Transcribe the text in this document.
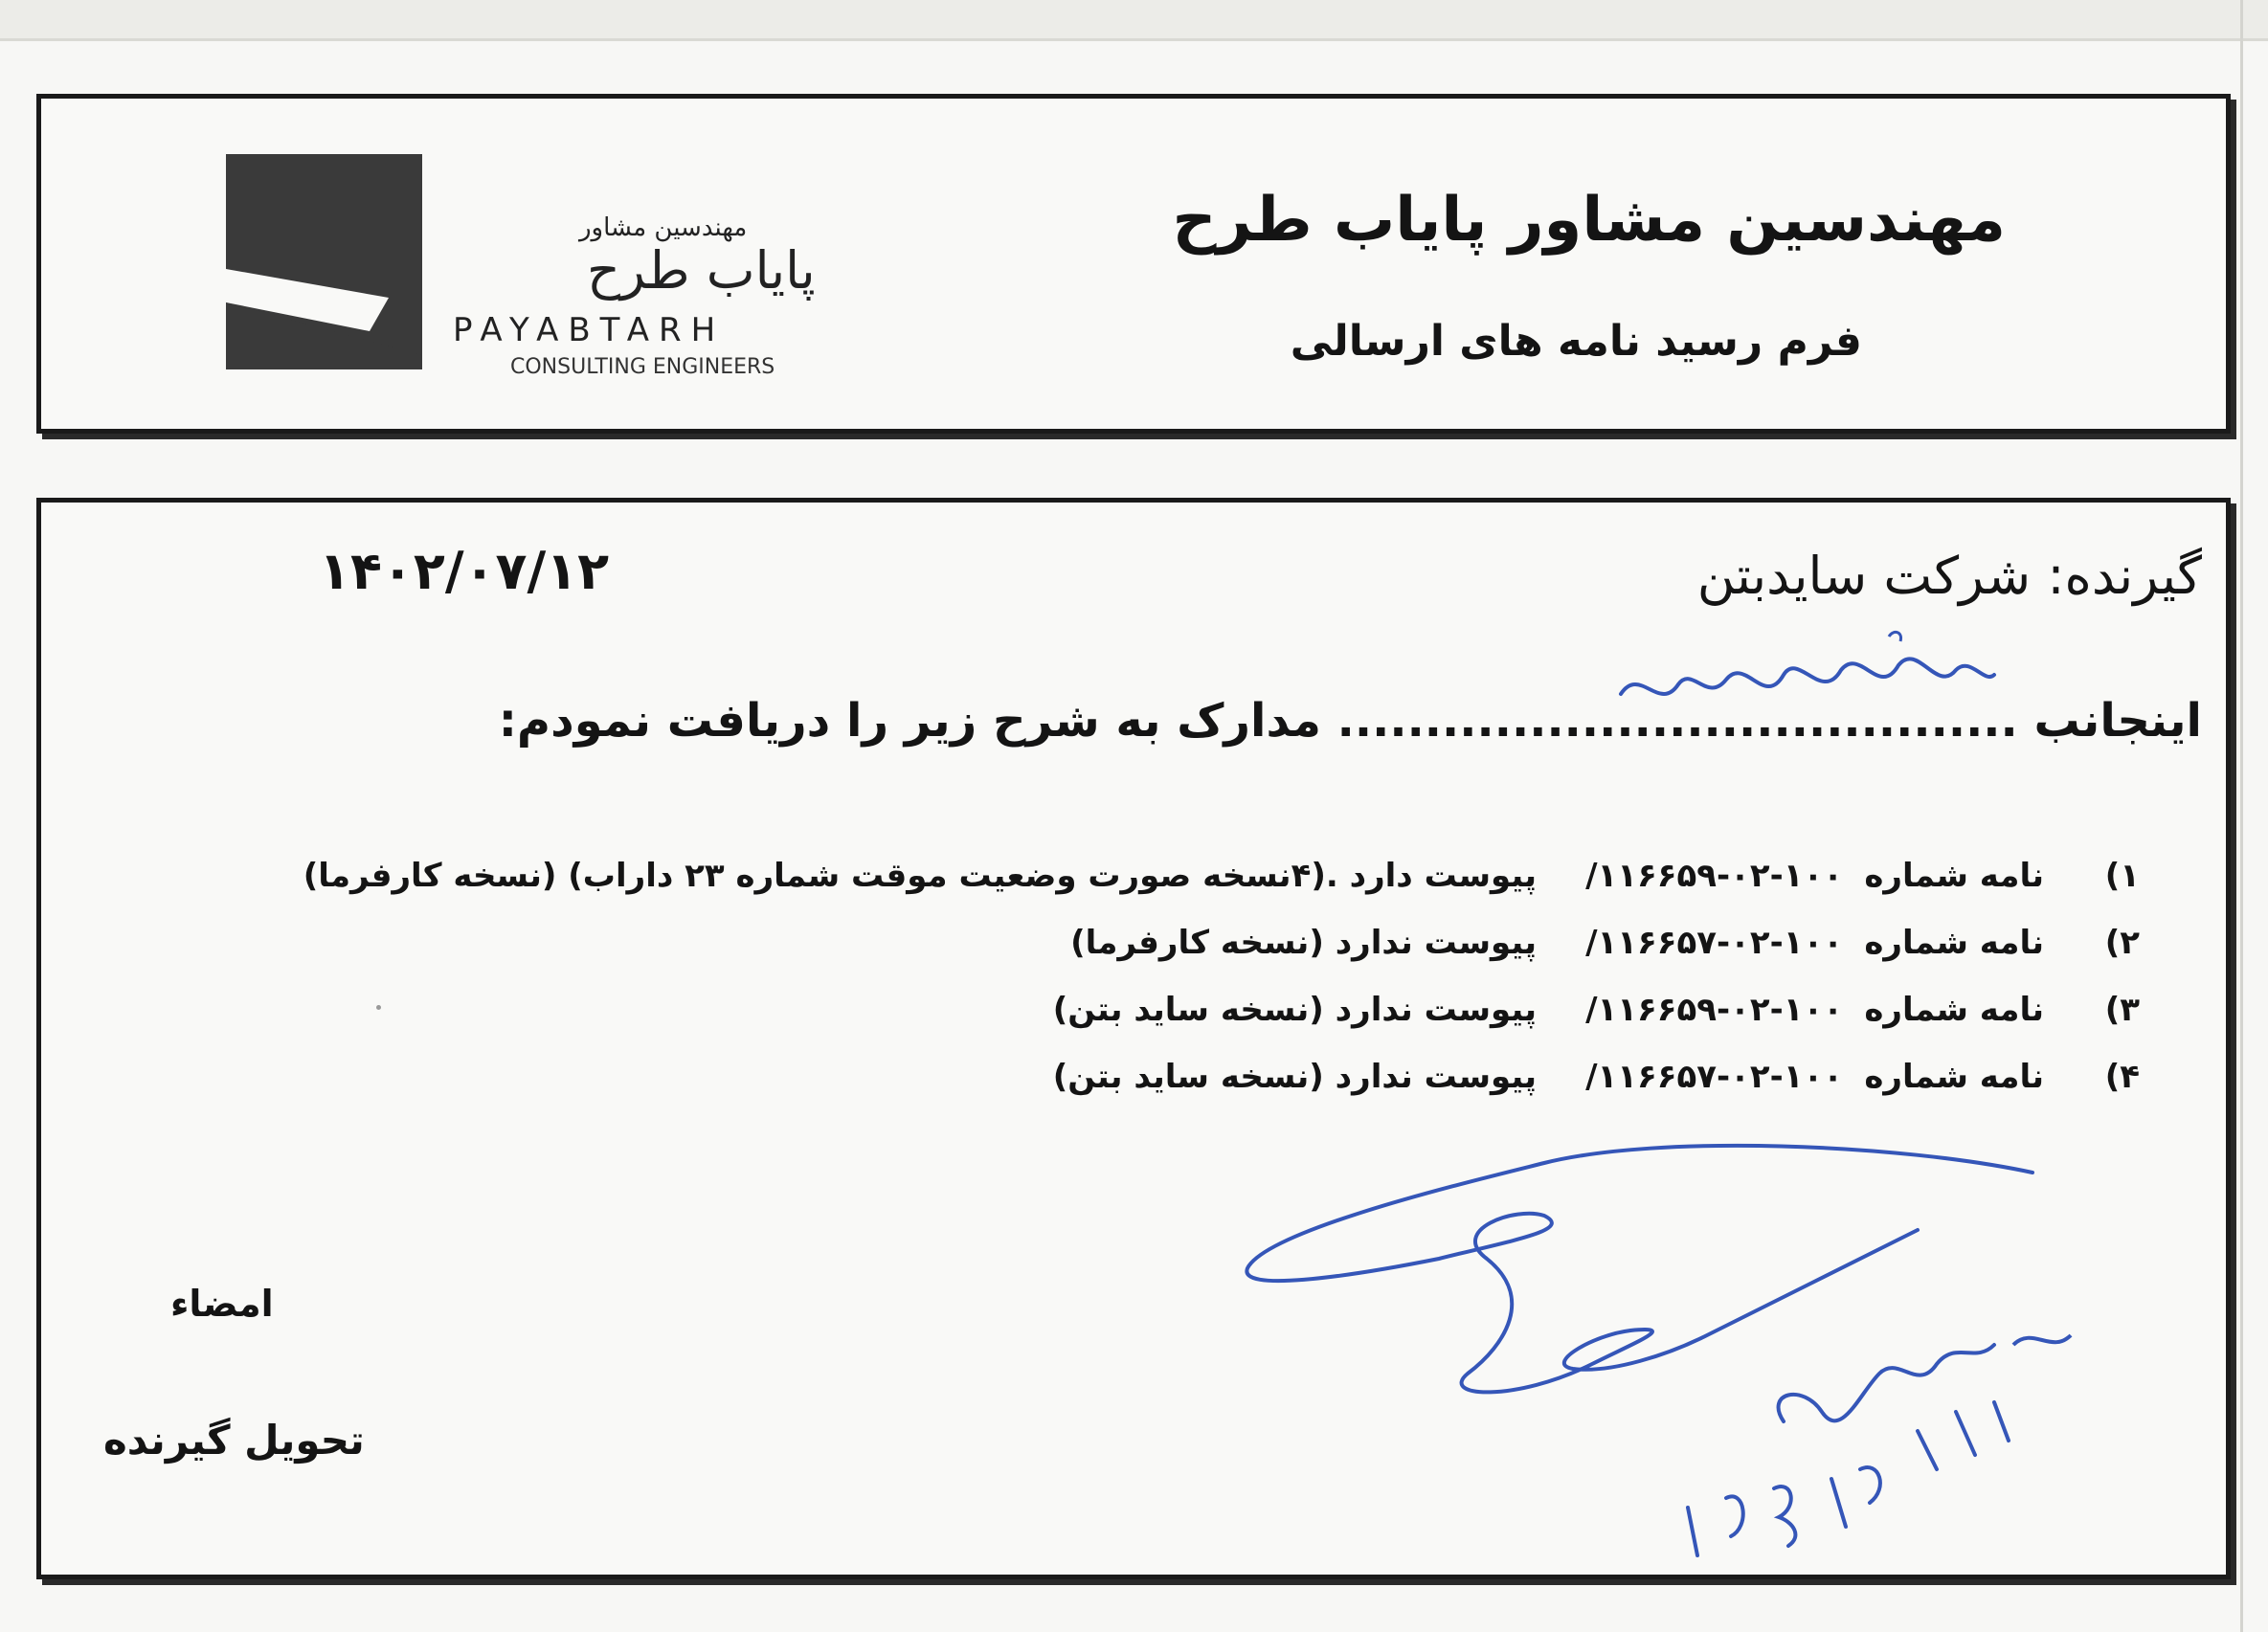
مهندسین مشاور
پایاب طرح
PAYABTARH
CONSULTING ENGINEERS
مهندسین مشاور پایاب طرح
فرم رسید نامه های ارسالی
۱۴۰۲/۰۷/۱۲	گیرنده: شرکت سایدبتن
اینجانب ....................................... مدارک به شرح زیر را دریافت نمودم:
۱)
نامه شماره
۱۱۶۶۵۹-۰۲-۱۰۰/
پیوست دارد .(۴نسخه صورت وضعیت موقت شماره ۲۳ داراب) (نسخه کارفرما)
۲)
نامه شماره
۱۱۶۶۵۷-۰۲-۱۰۰/
پیوست ندارد (نسخه کارفرما)
۳)
نامه شماره
۱۱۶۶۵۹-۰۲-۱۰۰/
پیوست ندارد (نسخه ساید بتن)
۴)
نامه شماره
۱۱۶۶۵۷-۰۲-۱۰۰/
پیوست ندارد (نسخه ساید بتن)
امضاء
تحویل گیرنده
